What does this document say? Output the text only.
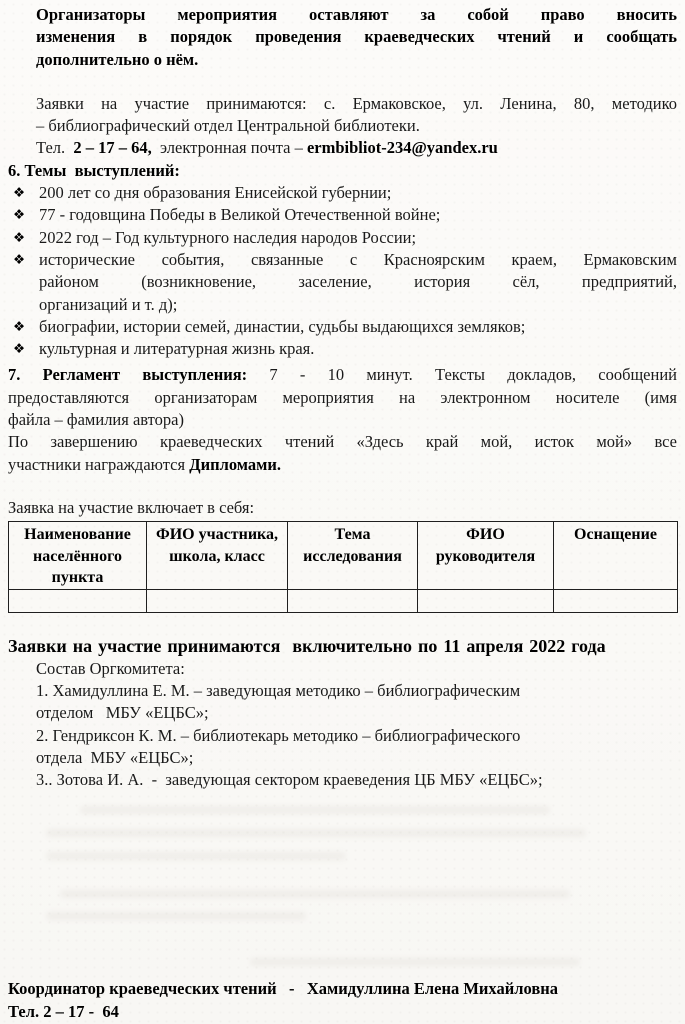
Организаторы мероприятия оставляют за собой право вносить
изменения в порядок проведения краеведческих чтений и сообщать
дополнительно о нём.
Заявки на участие принимаются: с. Ермаковское, ул. Ленина, 80, методико
– библиографический отдел Центральной библиотеки.
Тел.  2 – 17 – 64,  электронная почта – ermbibliot-234@yandex.ru
6. Темы  выступлений:
❖ 200 лет со дня образования Енисейской губернии;
❖ 77 - годовщина Победы в Великой Отечественной войне;
❖ 2022 год – Год культурного наследия народов России;
❖ исторические события, связанные с Красноярским краем, Ермаковским
районом (возникновение, заселение, история сёл, предприятий,
организаций и т. д);
❖ биографии, истории семей, династии, судьбы выдающихся земляков;
❖ культурная и литературная жизнь края.
7. Регламент выступления: 7 - 10 минут. Тексты докладов, сообщений
предоставляются организаторам мероприятия на электронном носителе (имя
файла – фамилия автора)
По завершению краеведческих чтений «Здесь край мой, исток мой» все
участники награждаются Дипломами.
Заявка на участие включает в себя:
Наименование населённого пункта	ФИО участника, школа, класс	Тема исследования	ФИО руководителя	Оснащение

Заявки на участие принимаются  включительно по 11 апреля 2022 года
Состав Оргкомитета:
1. Хамидуллина Е. М. – заведующая методико – библиографическим
отделом   МБУ «ЕЦБС»;
2. Гендриксон К. М. – библиотекарь методико – библиографического
отдела  МБУ «ЕЦБС»;
3.. Зотова И. А.  -  заведующая сектором краеведения ЦБ МБУ «ЕЦБС»;
Координатор краеведческих чтений   -   Хамидуллина Елена Михайловна
Тел. 2 – 17 -  64
